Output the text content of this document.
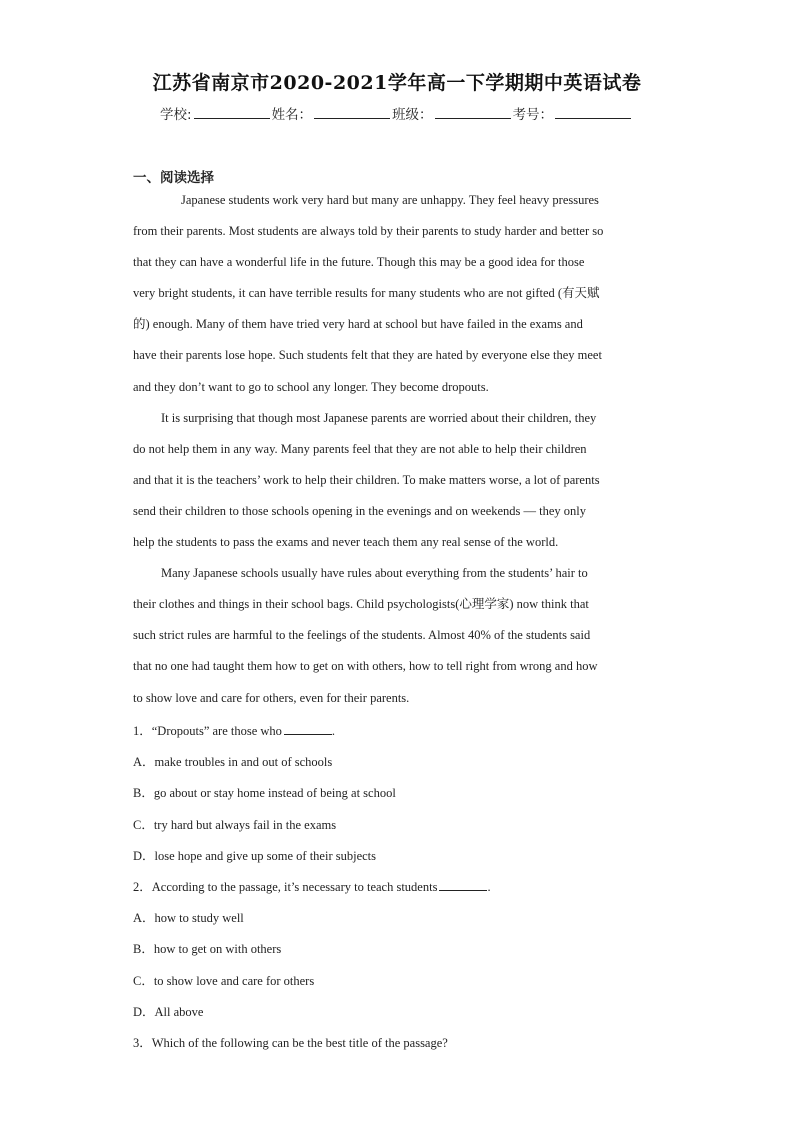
江苏省南京市2020-2021学年高一下学期期中英语试卷
学校:	姓名：	班级：	考号：
一、阅读选择
Japanese students work very hard but many are unhappy. They feel heavy pressures
from their parents. Most students are always told by their parents to study harder and better so
that they can have a wonderful life in the future. Though this may be a good idea for those
very bright students, it can have terrible results for many students who are not gifted (有天赋
的) enough. Many of them have tried very hard at school but have failed in the exams and
have their parents lose hope. Such students felt that they are hated by everyone else they meet
and they don’t want to go to school any longer. They become dropouts.
It is surprising that though most Japanese parents are worried about their children, they
do not help them in any way. Many parents feel that they are not able to help their children
and that it is the teachers’ work to help their children. To make matters worse, a lot of parents
send their children to those schools opening in the evenings and on weekends — they only
help the students to pass the exams and never teach them any real sense of the world.
Many Japanese schools usually have rules about everything from the students’ hair to
their clothes and things in their school bags. Child psychologists(心理学家) now think that
such strict rules are harmful to the feelings of the students. Almost 40% of the students said
that no one had taught them how to get on with others, how to tell right from wrong and how
to show love and care for others, even for their parents.
1．“Dropouts” are those who	.
A．make troubles in and out of schools
B．go about or stay home instead of being at school
C．try hard but always fail in the exams
D．lose hope and give up some of their subjects
2．According to the passage, it’s necessary to teach students	.
A．how to study well
B．how to get on with others
C．to show love and care for others
D．All above
3．Which of the following can be the best title of the passage?
